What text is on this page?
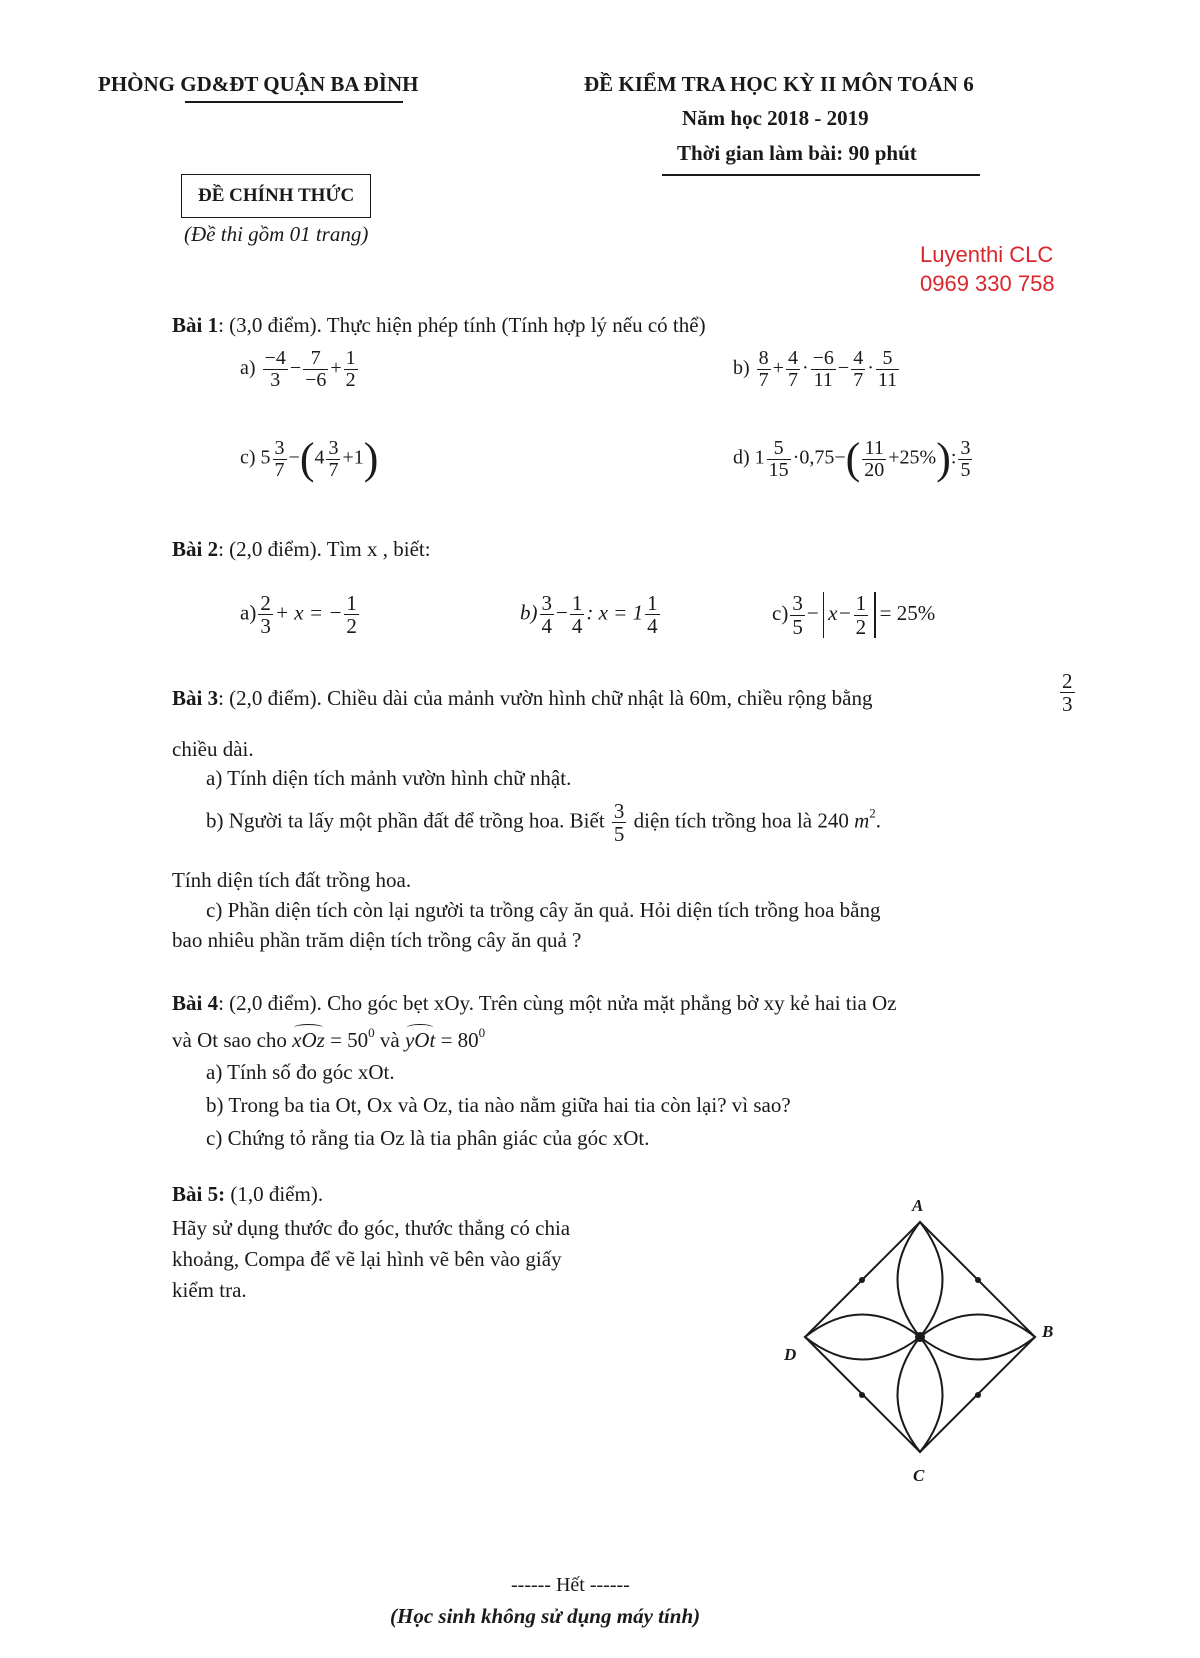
PHÒNG GD&ĐT QUẬN BA ĐÌNH	ĐỀ KIỂM TRA HỌC KỲ II MÔN TOÁN 6
Năm học 2018 - 2019
Thời gian làm bài: 90 phút
ĐỀ CHÍNH THỨC
(Đề thi gồm 01 trang)
Luyenthi CLC
0969 330 758
Bài 1: (3,0 điểm). Thực hiện phép tính (Tính hợp lý nếu có thể)
$a) \frac{-4}{3} - \frac{7}{-6} + \frac{1}{2}$	$b) \frac{8}{7} + \frac{4}{7} \cdot \frac{-6}{11} - \frac{4}{7} \cdot \frac{5}{11}$
c) $5 \frac{3}{7} -(4 \frac{3}{7} +1)$	d) $1 \frac{5}{15} \cdot 0,75-( \frac{11}{20} +25\%)$: $\frac{3}{5}$
Bài 2: (2,0 điểm). Tìm x , biết:
$a) \frac{2}{3} + x$ = − $\frac{1}{2}$	$b) \frac{3}{4} - \frac{1}{4}$ : $x = 1 \frac{1}{4}$	$c) \frac{3}{5} - x- \frac{1}{2} = 25\%$
Bài 3: (2,0 điểm). Chiều dài của mảnh vườn hình chữ nhật là 60m, chiều rộng bằng	$\frac{2}{3}$
chiều dài.
a) Tính diện tích mảnh vườn hình chữ nhật.
b) Người ta lấy một phần đất để trồng hoa. Biết $\frac{3}{5}$ diện tích trồng hoa là 240 $m^2$.
Tính diện tích đất trồng hoa.
c) Phần diện tích còn lại người ta trồng cây ăn quả. Hỏi diện tích trồng hoa bằng
bao nhiêu phần trăm diện tích trồng cây ăn quả ?
Bài 4: (2,0 điểm). Cho góc bẹt xOy. Trên cùng một nửa mặt phẳng bờ xy kẻ hai tia Oz
và Ot sao cho xOz = $50^0$ và yOt = $80^0$
a) Tính số đo góc xOt.
b) Trong ba tia Ot, Ox và Oz, tia nào nằm giữa hai tia còn lại? vì sao?
c) Chứng tỏ rằng tia Oz là tia phân giác của góc xOt.
Bài 5: (1,0 điểm).
Hãy sử dụng thước đo góc, thước thẳng có chia
khoảng, Compa để vẽ lại hình vẽ bên vào giấy
kiểm tra.
A
B
C
D
------ Hết ------
(Học sinh không sử dụng máy tính)
